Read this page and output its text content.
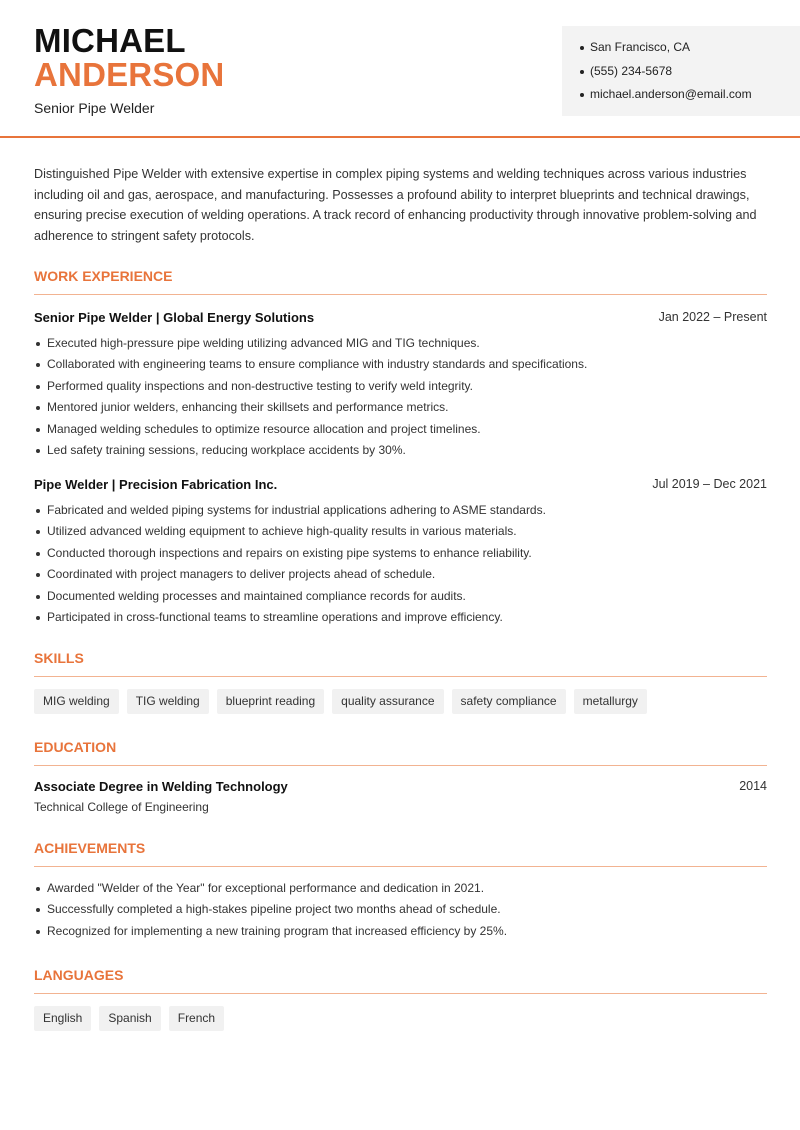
MICHAEL
ANDERSON
Senior Pipe Welder
San Francisco, CA
(555) 234-5678
michael.anderson@email.com

Distinguished Pipe Welder with extensive expertise in complex piping systems and welding techniques across various industries including oil and gas, aerospace, and manufacturing. Possesses a profound ability to interpret blueprints and technical drawings, ensuring precise execution of welding operations. A track record of enhancing productivity through innovative problem-solving and adherence to stringent safety protocols.

WORK EXPERIENCE
Senior Pipe Welder | Global Energy Solutions	Jan 2022 – Present
Executed high-pressure pipe welding utilizing advanced MIG and TIG techniques.
Collaborated with engineering teams to ensure compliance with industry standards and specifications.
Performed quality inspections and non-destructive testing to verify weld integrity.
Mentored junior welders, enhancing their skillsets and performance metrics.
Managed welding schedules to optimize resource allocation and project timelines.
Led safety training sessions, reducing workplace accidents by 30%.
Pipe Welder | Precision Fabrication Inc.	Jul 2019 – Dec 2021
Fabricated and welded piping systems for industrial applications adhering to ASME standards.
Utilized advanced welding equipment to achieve high-quality results in various materials.
Conducted thorough inspections and repairs on existing pipe systems to enhance reliability.
Coordinated with project managers to deliver projects ahead of schedule.
Documented welding processes and maintained compliance records for audits.
Participated in cross-functional teams to streamline operations and improve efficiency.
SKILLS
MIG welding	TIG welding	blueprint reading	quality assurance	safety compliance	metallurgy
EDUCATION
Associate Degree in Welding Technology	2014
Technical College of Engineering
ACHIEVEMENTS
Awarded "Welder of the Year" for exceptional performance and dedication in 2021.
Successfully completed a high-stakes pipeline project two months ahead of schedule.
Recognized for implementing a new training program that increased efficiency by 25%.
LANGUAGES
English	Spanish	French
